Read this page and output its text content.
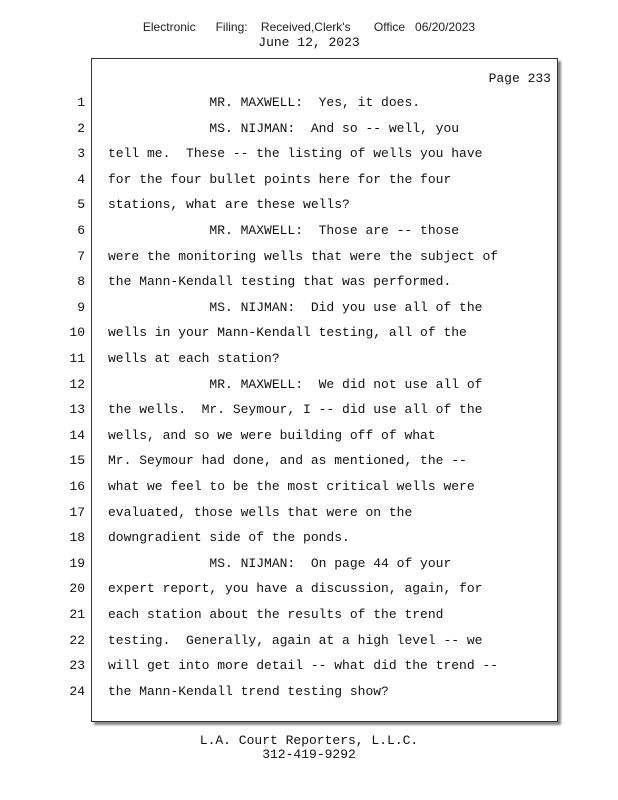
Electronic      Filing:    Received,Clerk's       Office   06/20/2023
June 12, 2023
Page 233
1
2
3
4
5
6
7
8
9
10
11
12
13
14
15
16
17
18
19
20
21
22
23
24
MR. MAXWELL:  Yes, it does.
MS. NIJMAN:  And so -- well, you
tell me.  These -- the listing of wells you have
for the four bullet points here for the four
stations, what are these wells?
MR. MAXWELL:  Those are -- those
were the monitoring wells that were the subject of
the Mann-Kendall testing that was performed.
MS. NIJMAN:  Did you use all of the
wells in your Mann-Kendall testing, all of the
wells at each station?
MR. MAXWELL:  We did not use all of
the wells.  Mr. Seymour, I -- did use all of the
wells, and so we were building off of what
Mr. Seymour had done, and as mentioned, the --
what we feel to be the most critical wells were
evaluated, those wells that were on the
downgradient side of the ponds.
MS. NIJMAN:  On page 44 of your
expert report, you have a discussion, again, for
each station about the results of the trend
testing.  Generally, again at a high level -- we
will get into more detail -- what did the trend --
the Mann-Kendall trend testing show?
L.A. Court Reporters, L.L.C.
312-419-9292
